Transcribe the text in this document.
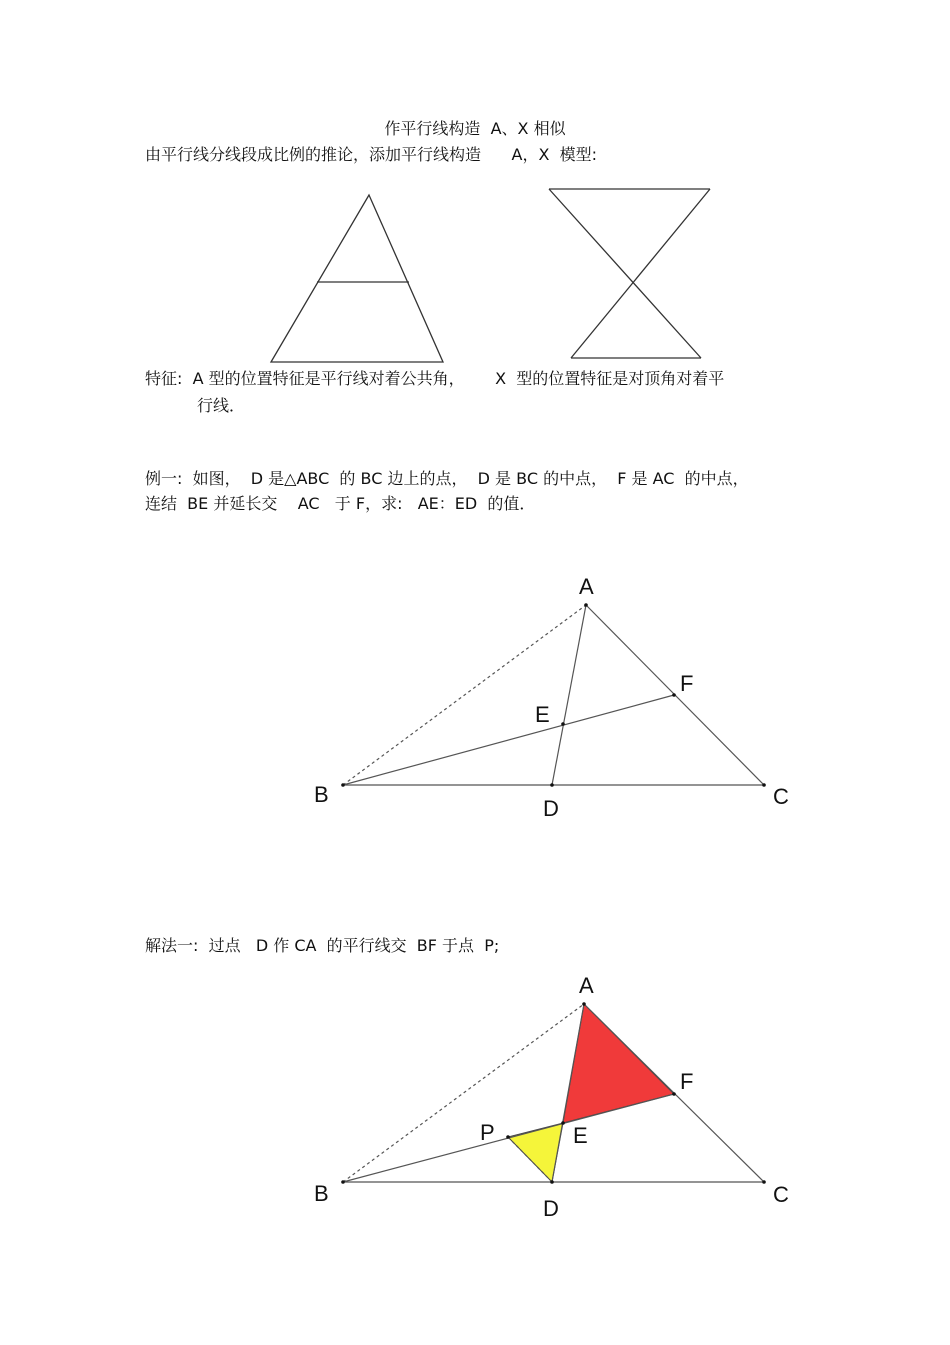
作平行线构造  A、X 相似
由平行线分线段成比例的推论，添加平行线构造      A，X  模型:
特征:  A 型的位置特征是平行线对着公共角，      X  型的位置特征是对顶角对着平
行线．
例一:  如图，  D 是△ABC  的 BC 边上的点，  D 是 BC 的中点，  F 是 AC  的中点，
连结  BE 并延长交    AC   于 F，求:   AE：ED  的值．
解法一:  过点   D 作 CA  的平行线交  BF 于点  P;
A
B	C
D
E
F
A
B	C
D
E
F
P
